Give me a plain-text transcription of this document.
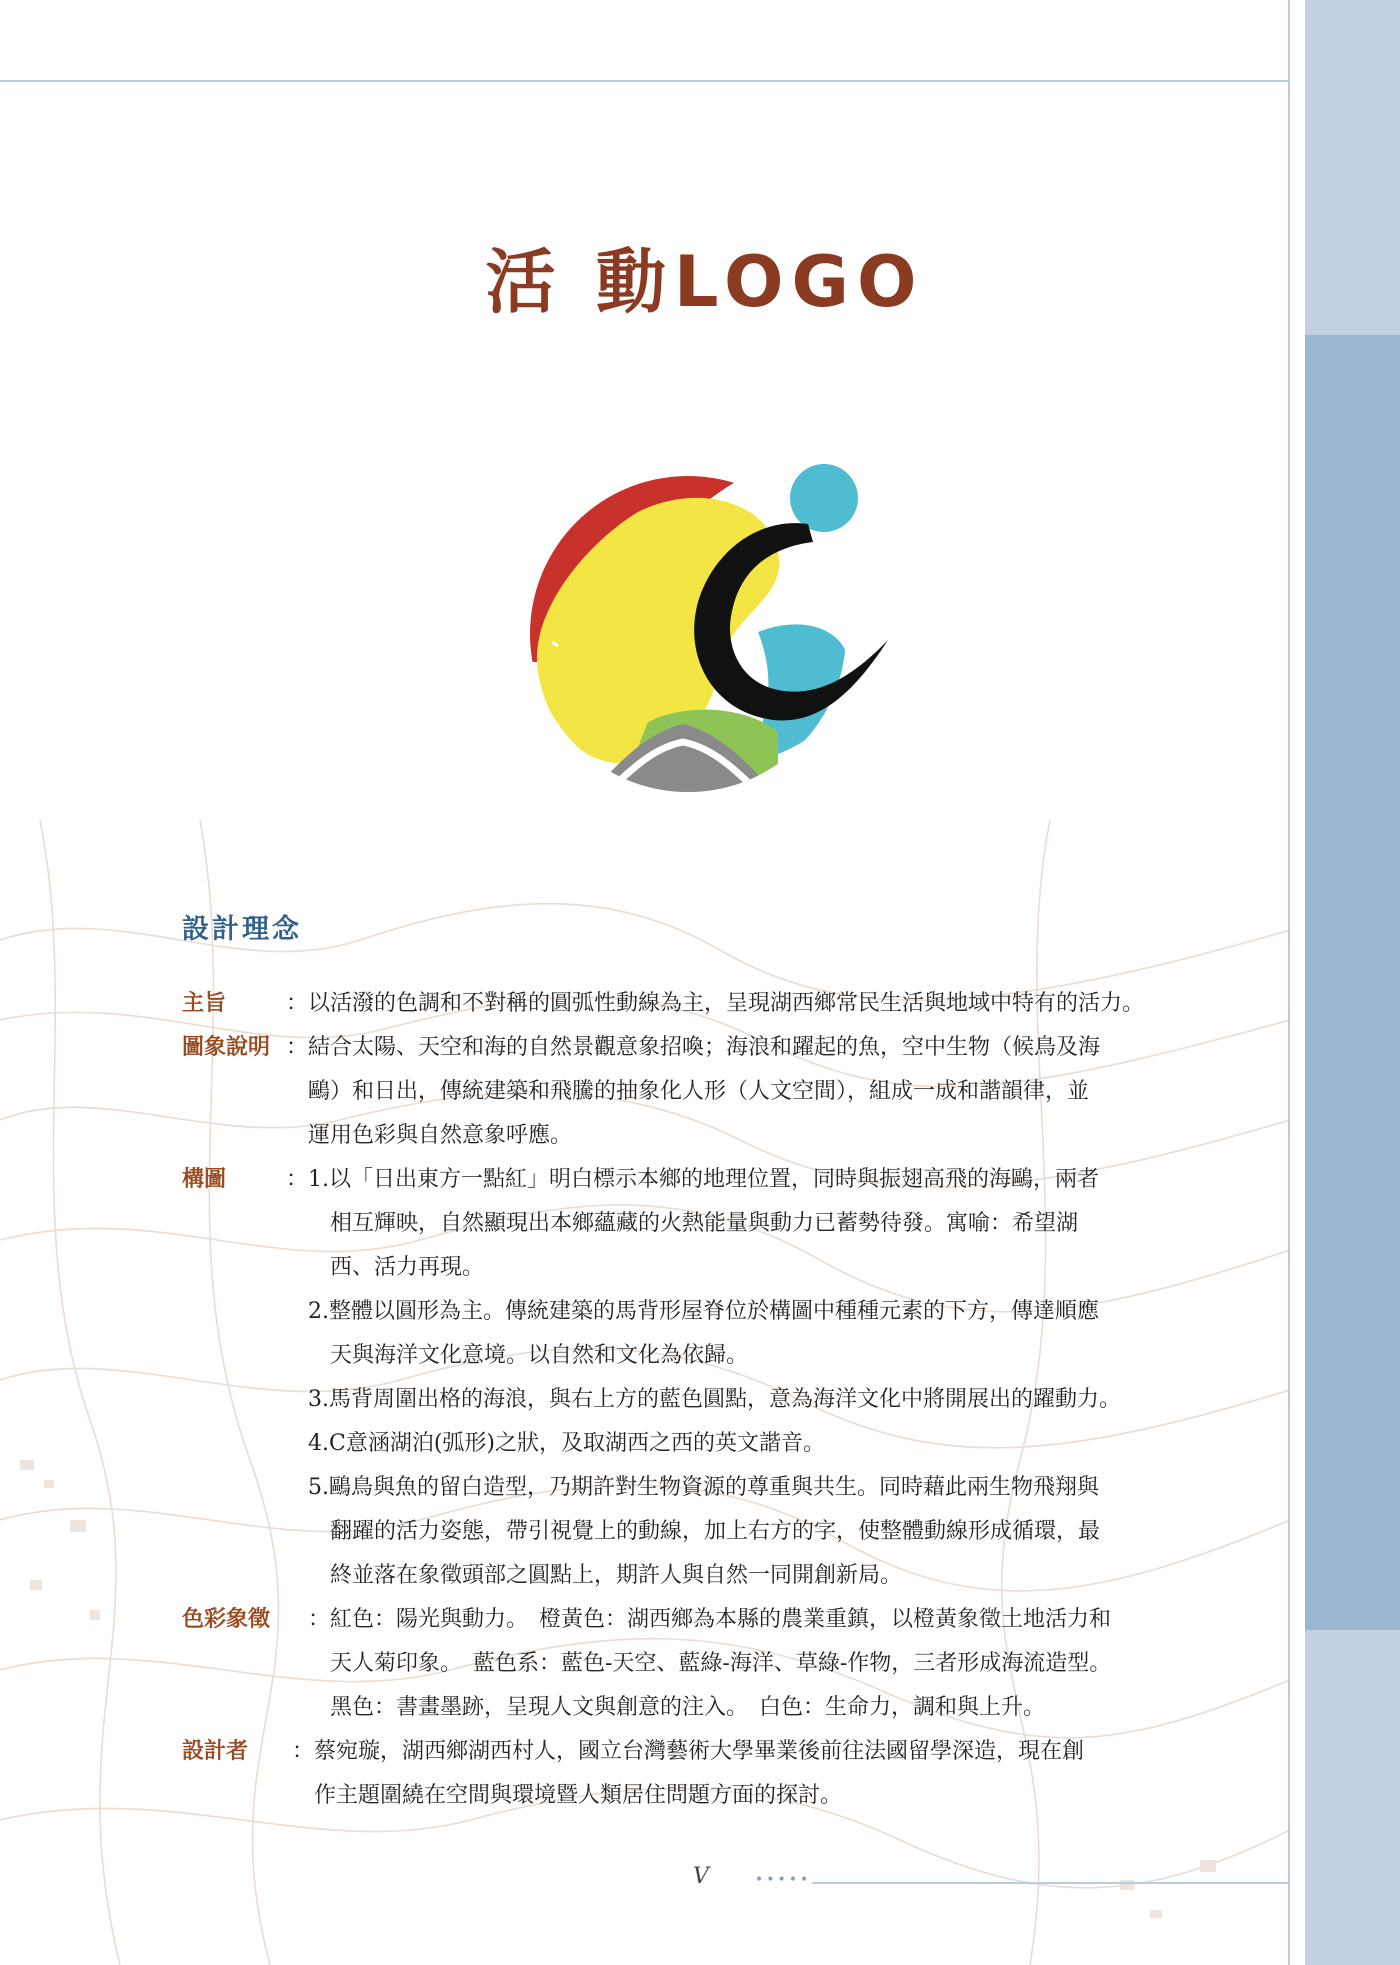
活 動LOGO
設計理念
主旨	：以活潑的色調和不對稱的圓弧性動線為主，呈現湖西鄉常民生活與地域中特有的活力。
圖象說明 ：結合太陽、天空和海的自然景觀意象招喚；海浪和躍起的魚，空中生物（候鳥及海
　鷗）和日出，傳統建築和飛騰的抽象化人形（人文空間），組成一成和諧韻律，並
　運用色彩與自然意象呼應。
構圖	：1.以「日出東方一點紅」明白標示本鄉的地理位置，同時與振翅高飛的海鷗，兩者
　　相互輝映，自然顯現出本鄉蘊藏的火熱能量與動力已蓄勢待發。寓喻：希望湖
　　西、活力再現。
　2.整體以圓形為主。傳統建築的馬背形屋脊位於構圖中種種元素的下方，傳達順應
　　天與海洋文化意境。以自然和文化為依歸。
　3.馬背周圍出格的海浪，與右上方的藍色圓點，意為海洋文化中將開展出的躍動力。
　4.C意涵湖泊(弧形)之狀，及取湖西之西的英文諧音。
　5.鷗鳥與魚的留白造型，乃期許對生物資源的尊重與共生。同時藉此兩生物飛翔與
　　翻躍的活力姿態，帶引視覺上的動線，加上右方的字，使整體動線形成循環，最
　　終並落在象徵頭部之圓點上，期許人與自然一同開創新局。
色彩象徵	：紅色：陽光與動力。　橙黃色：湖西鄉為本縣的農業重鎮，以橙黃象徵土地活力和
　天人菊印象。　藍色系：藍色-天空、藍綠-海洋、草綠-作物，三者形成海流造型。
　黑色：書畫墨跡，呈現人文與創意的注入。　白色：生命力，調和與上升。
設計者	：蔡宛璇，湖西鄉湖西村人，國立台灣藝術大學畢業後前往法國留學深造，現在創
　作主題圍繞在空間與環境暨人類居住問題方面的探討。
V	•••••
